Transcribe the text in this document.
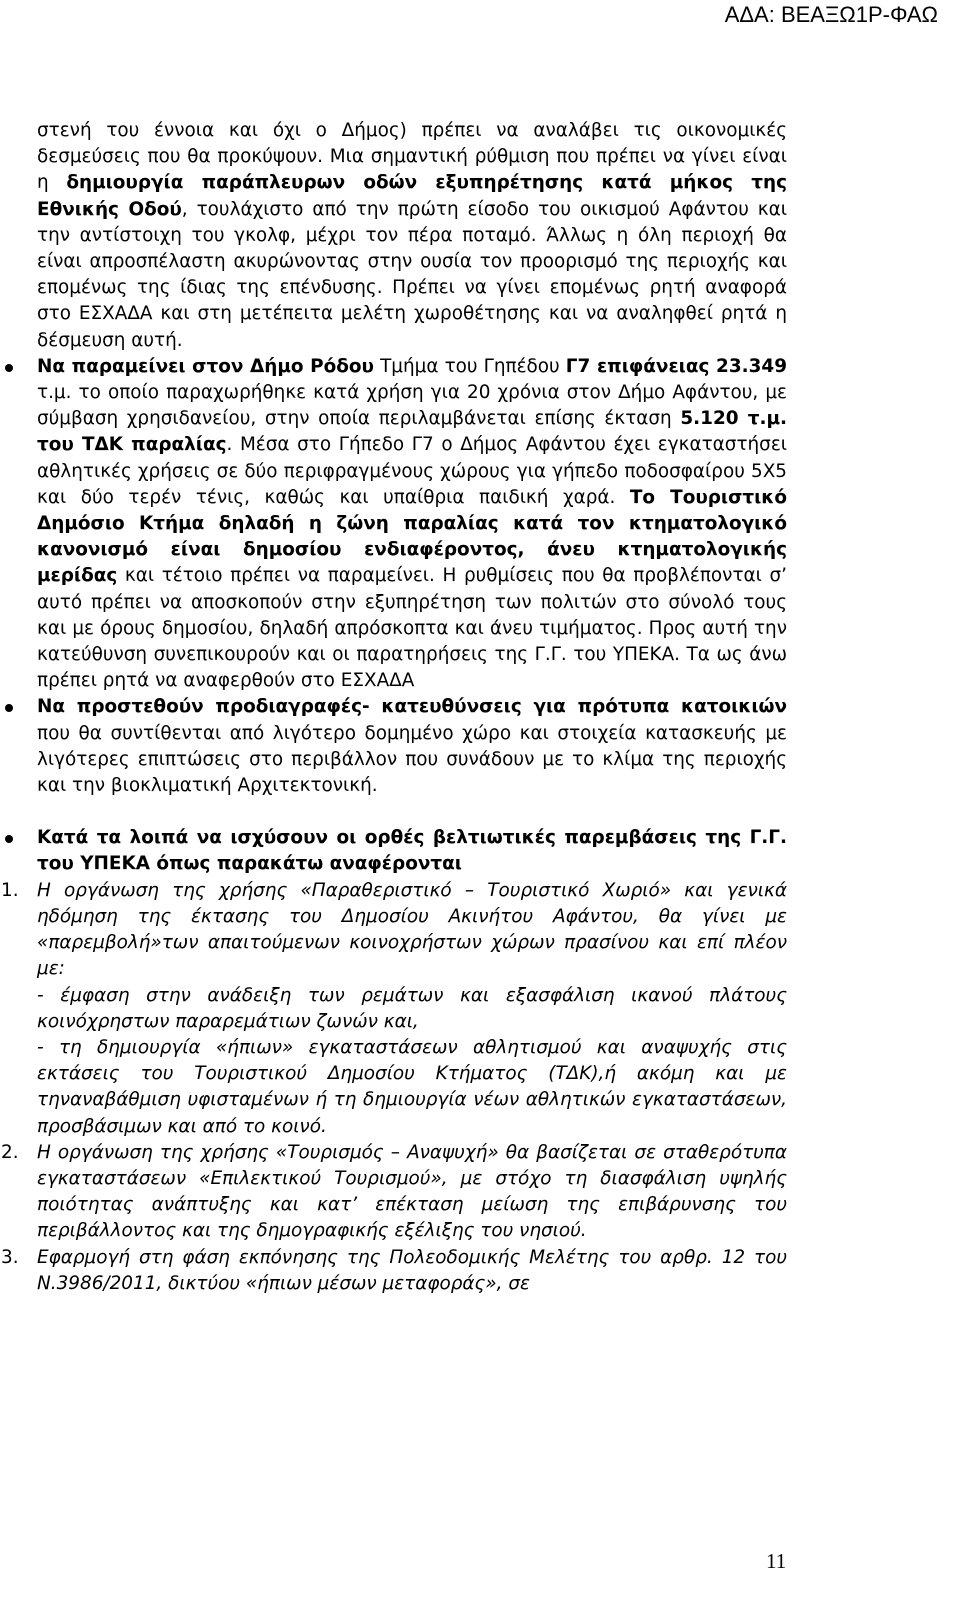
ΑΔΑ: ΒΕΑΞΩ1Ρ-ΦΑΩ

στενή του έννοια και όχι ο Δήμος) πρέπει να αναλάβει τις οικονομικές δεσμεύσεις που θα προκύψουν. Μια σημαντική ρύθμιση που πρέπει να γίνει είναι η δημιουργία παράπλευρων οδών εξυπηρέτησης κατά μήκος της Εθνικής Οδού, τουλάχιστο από την πρώτη είσοδο του οικισμού Αφάντου και την αντίστοιχη του γκολφ, μέχρι τον πέρα ποταμό. Άλλως η όλη περιοχή θα είναι απροσπέλαστη ακυρώνοντας στην ουσία τον προορισμό της περιοχής και επομένως της ίδιας της επένδυσης. Πρέπει να γίνει επομένως ρητή αναφορά στο ΕΣΧΑΔΑ και στη μετέπειτα μελέτη χωροθέτησης και να αναληφθεί ρητά η δέσμευση αυτή.

Να παραμείνει στον Δήμο Ρόδου Τμήμα του Γηπέδου Γ7 επιφάνειας 23.349 τ.μ. το οποίο παραχωρήθηκε κατά χρήση για 20 χρόνια στον Δήμο Αφάντου, με σύμβαση χρησιδανείου, στην οποία περιλαμβάνεται επίσης έκταση 5.120 τ.μ. του ΤΔΚ παραλίας. Μέσα στο Γήπεδο Γ7 ο Δήμος Αφάντου έχει εγκαταστήσει αθλητικές χρήσεις σε δύο περιφραγμένους χώρους για γήπεδο ποδοσφαίρου 5Χ5 και δύο τερέν τένις, καθώς και υπαίθρια παιδική χαρά. Το Τουριστικό Δημόσιο Κτήμα δηλαδή η ζώνη παραλίας κατά τον κτηματολογικό κανονισμό είναι δημοσίου ενδιαφέροντος, άνευ κτηματολογικής μερίδας και τέτοιο πρέπει να παραμείνει. Η ρυθμίσεις που θα προβλέπονται σ’ αυτό πρέπει να αποσκοπούν στην εξυπηρέτηση των πολιτών στο σύνολό τους και με όρους δημοσίου, δηλαδή απρόσκοπτα και άνευ τιμήματος. Προς αυτή την κατεύθυνση συνεπικουρούν και οι παρατηρήσεις της Γ.Γ. του ΥΠΕΚΑ. Τα ως άνω πρέπει ρητά να αναφερθούν στο ΕΣΧΑΔΑ
Να προστεθούν προδιαγραφές- κατευθύνσεις για πρότυπα κατοικιών που θα συντίθενται από λιγότερο δομημένο χώρο και στοιχεία κατασκευής με λιγότερες επιπτώσεις στο περιβάλλον που συνάδουν με το κλίμα της περιοχής και την βιοκλιματική Αρχιτεκτονική.
Κατά τα λοιπά να ισχύσουν οι ορθές βελτιωτικές παρεμβάσεις της Γ.Γ. του ΥΠΕΚΑ όπως παρακάτω αναφέρονται
1. Η οργάνωση της χρήσης «Παραθεριστικό – Τουριστικό Χωριό» και γενικά ηδόμηση της έκτασης του Δημοσίου Ακινήτου Αφάντου, θα γίνει με «παρεμβολή»των απαιτούμενων κοινοχρήστων χώρων πρασίνου και επί πλέον με:
- έμφαση στην ανάδειξη των ρεμάτων και εξασφάλιση ικανού πλάτους κοινόχρηστων παραρεμάτιων ζωνών και,
- τη δημιουργία «ήπιων» εγκαταστάσεων αθλητισμού και αναψυχής στις εκτάσεις του Τουριστικού Δημοσίου Κτήματος (ΤΔΚ),ή ακόμη και με τηναναβάθμιση υφισταμένων ή τη δημιουργία νέων αθλητικών εγκαταστάσεων, προσβάσιμων και από το κοινό.
2. Η οργάνωση της χρήσης «Τουρισμός – Αναψυχή» θα βασίζεται σε σταθερότυπα εγκαταστάσεων «Επιλεκτικού Τουρισμού», με στόχο τη διασφάλιση υψηλής ποιότητας ανάπτυξης και κατ’ επέκταση μείωση της επιβάρυνσης του περιβάλλοντος και της δημογραφικής εξέλιξης του νησιού.
3. Εφαρμογή στη φάση εκπόνησης της Πολεοδομικής Μελέτης του αρθρ. 12 του Ν.3986/2011, δικτύου «ήπιων μέσων μεταφοράς», σε
11
